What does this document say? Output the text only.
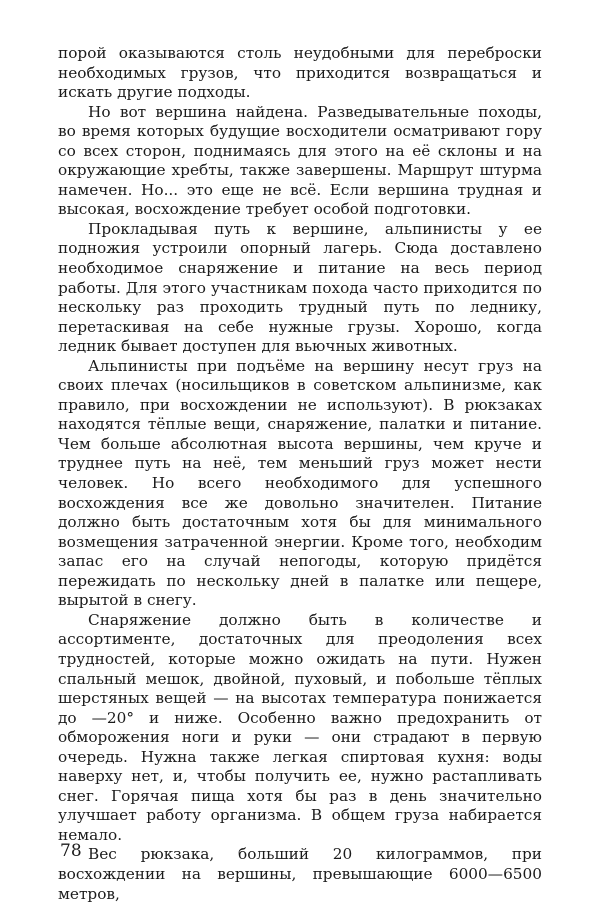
порой оказываются столь неудобными для переброски необходимых грузов, что приходится возвращаться и искать другие подходы.

Но вот вершина найдена. Разведывательные походы, во время которых будущие восходители осматривают гору со всех сторон, поднимаясь для этого на её склоны и на окружающие хребты, также завершены. Маршрут штурма намечен. Но... это еще не всё. Если вершина трудная и высокая, восхождение требует особой подготовки.

Прокладывая путь к вершине, альпинисты у ее подножия устроили опорный лагерь. Сюда доставлено необходимое снаряжение и питание на весь период работы. Для этого участникам похода часто приходится по нескольку раз проходить трудный путь по леднику, перетаскивая на себе нужные грузы. Хорошо, когда ледник бывает доступен для вьючных животных.

Альпинисты при подъёме на вершину несут груз на своих плечах (носильщиков в советском альпинизме, как правило, при восхождении не используют). В рюкзаках находятся тёплые вещи, снаряжение, палатки и питание. Чем больше абсолютная высота вершины, чем круче и труднее путь на неё, тем меньший груз может нести человек. Но всего необходимого для успешного восхождения все же довольно значителен. Питание должно быть достаточным хотя бы для минимального возмещения затраченной энергии. Кроме того, необходим запас его на случай непогоды, которую придётся пережидать по нескольку дней в палатке или пещере, вырытой в снегу.

Снаряжение должно быть в количестве и ассортименте, достаточных для преодоления всех трудностей, которые можно ожидать на пути. Нужен спальный мешок, двойной, пуховый, и побольше тёплых шерстяных вещей — на высотах температура понижается до —20° и ниже. Особенно важно предохранить от обморожения ноги и руки — они страдают в первую очередь. Нужна также легкая спиртовая кухня: воды наверху нет, и, чтобы получить ее, нужно растапливать снег. Горячая пища хотя бы раз в день значительно улучшает работу организма. В общем груза набирается немало.

Вес рюкзака, больший 20 килограммов, при восхождении на вершины, превышающие 6000—6500 метров,

78
